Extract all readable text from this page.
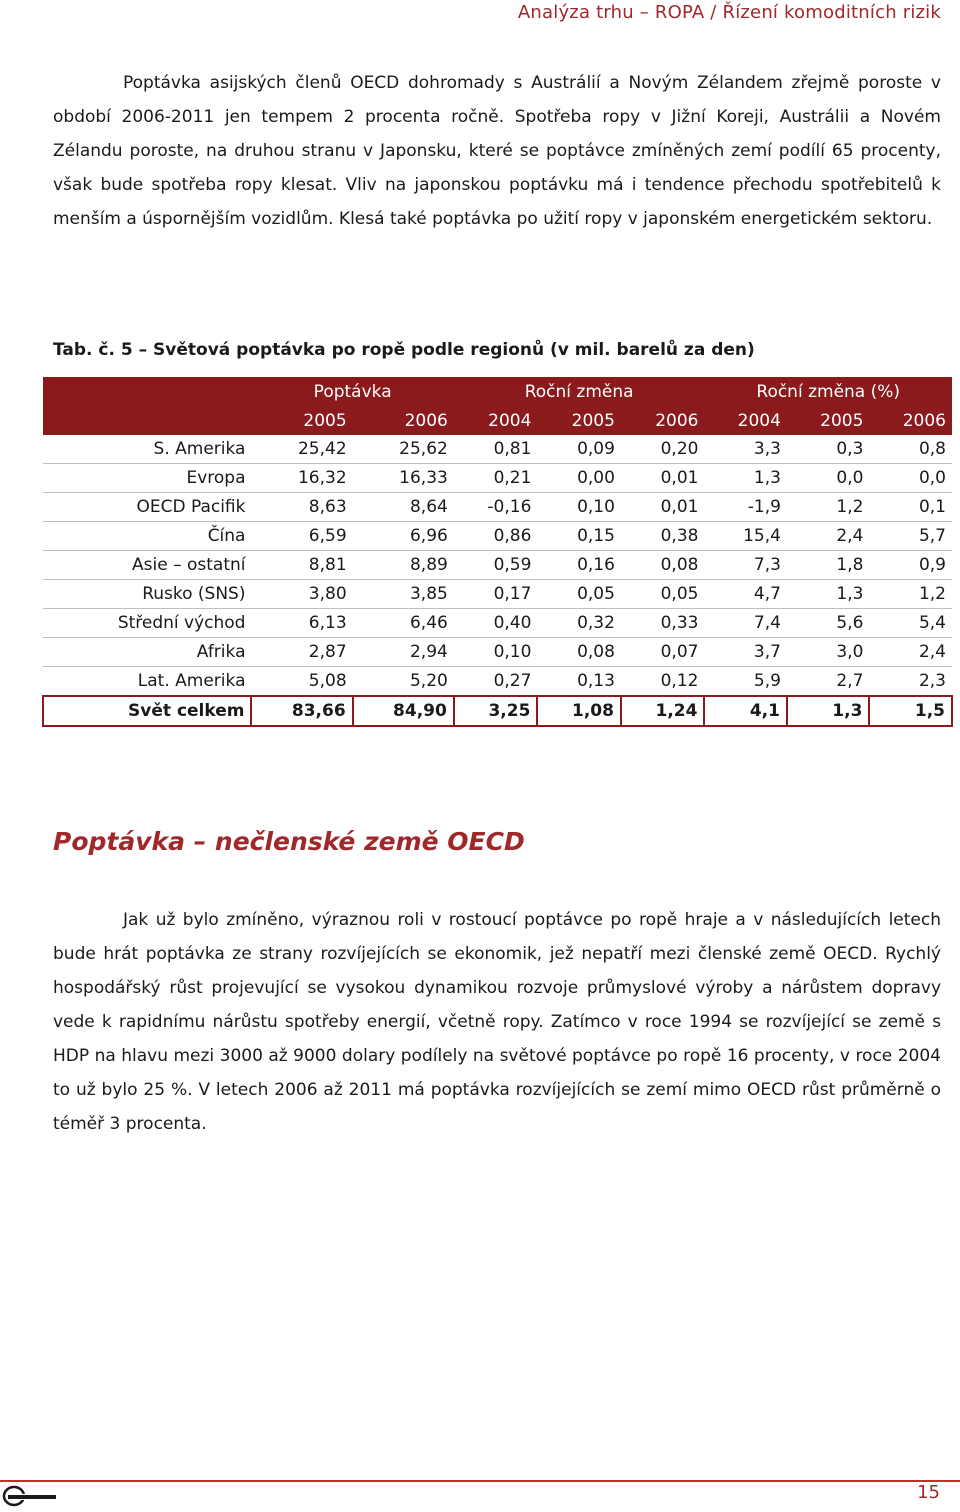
Analýza trhu – ROPA / Řízení komoditních rizik

Poptávka asijských členů OECD dohromady s Austrálií a Novým Zélandem zřejmě poroste v období 2006-2011 jen tempem 2 procenta ročně. Spotřeba ropy v Jižní Koreji, Austrálii a Novém Zélandu poroste, na druhou stranu v Japonsku, které se poptávce zmíněných zemí podílí 65 procenty, však bude spotřeba ropy klesat. Vliv na japonskou poptávku má i tendence přechodu spotřebitelů k menším a úspornějším vozidlům. Klesá také poptávka po užití ropy v japonském energetickém sektoru.

Tab. č. 5 – Světová poptávka po ropě podle regionů (v mil. barelů za den)

	Poptávka		Roční změna			Roční změna (%)		
	2005	2006	2004	2005	2006	2004	2005	2006
S. Amerika	25,42	25,62	0,81	0,09	0,20	3,3	0,3	0,8
Evropa	16,32	16,33	0,21	0,00	0,01	1,3	0,0	0,0
OECD Pacifik	8,63	8,64	-0,16	0,10	0,01	-1,9	1,2	0,1
Čína	6,59	6,96	0,86	0,15	0,38	15,4	2,4	5,7
Asie – ostatní	8,81	8,89	0,59	0,16	0,08	7,3	1,8	0,9
Rusko (SNS)	3,80	3,85	0,17	0,05	0,05	4,7	1,3	1,2
Střední východ	6,13	6,46	0,40	0,32	0,33	7,4	5,6	5,4
Afrika	2,87	2,94	0,10	0,08	0,07	3,7	3,0	2,4
Lat. Amerika	5,08	5,20	0,27	0,13	0,12	5,9	2,7	2,3
Svět celkem	83,66	84,90	3,25	1,08	1,24	4,1	1,3	1,5
Poptávka – nečlenské země OECD

Jak už bylo zmíněno, výraznou roli v rostoucí poptávce po ropě hraje a v následujících letech bude hrát poptávka ze strany rozvíjejících se ekonomik, jež nepatří mezi členské země OECD. Rychlý hospodářský růst projevující se vysokou dynamikou rozvoje průmyslové výroby a nárůstem dopravy vede k rapidnímu nárůstu spotřeby energií, včetně ropy. Zatímco v roce 1994 se rozvíjející se země s HDP na hlavu mezi 3000 až 9000 dolary podílely na světové poptávce po ropě 16 procenty, v roce 2004 to už bylo 25 %. V letech 2006 až 2011 má poptávka rozvíjejících se zemí mimo OECD růst průměrně o téměř 3 procenta.

15
